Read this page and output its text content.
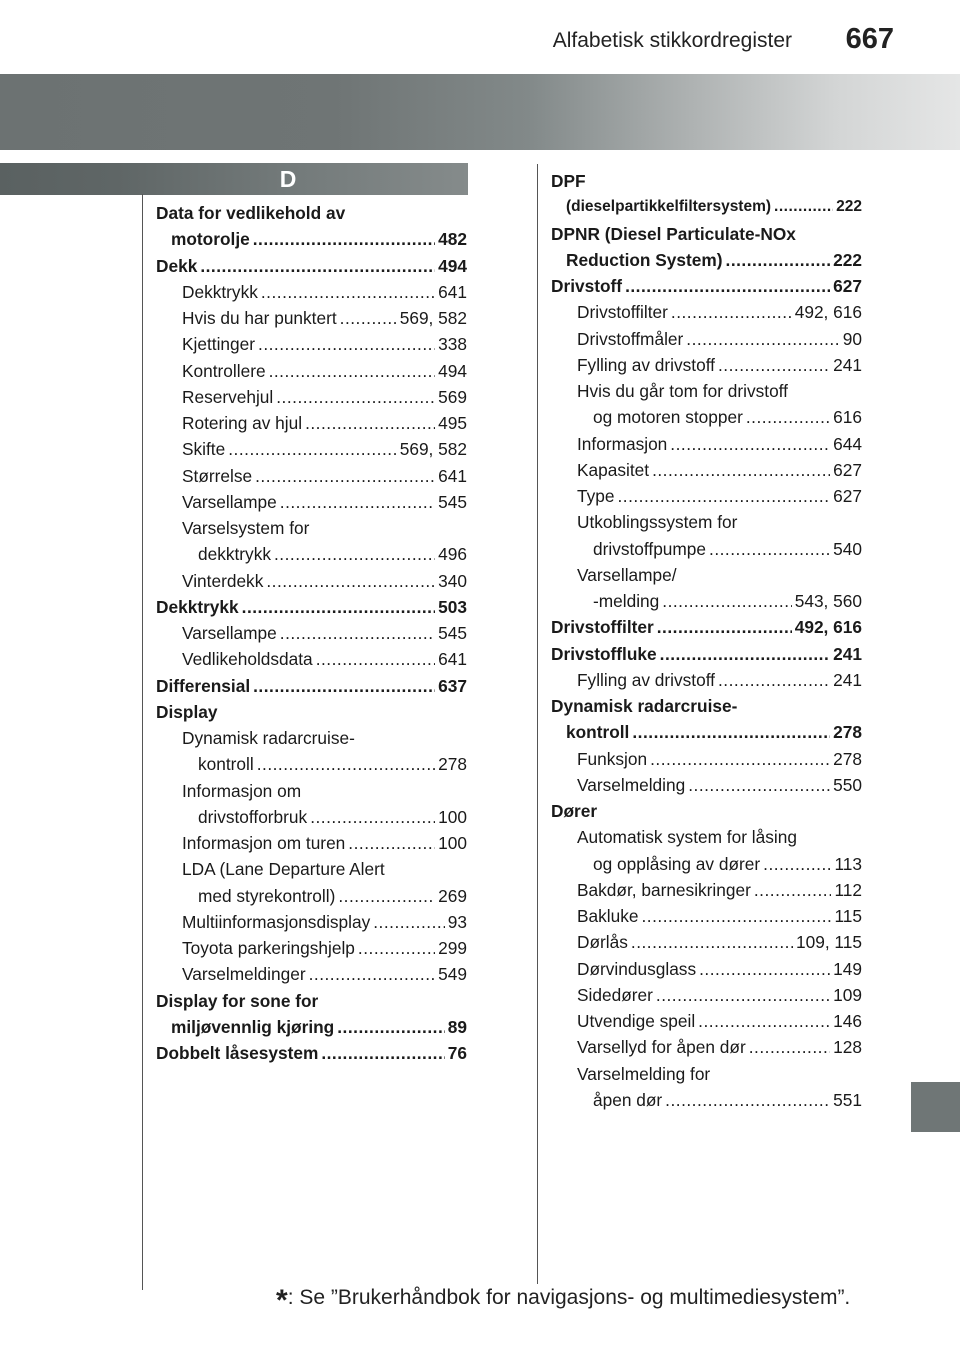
Alfabetisk stikkordregister 667
D
Data for vedlikehold av
motorolje .....	482
Dekk .....	494
Dekktrykk .....	641
Hvis du har punktert .....	569, 582
Kjettinger .....	338
Kontrollere .....	494
Reservehjul .....	569
Rotering av hjul .....	495
Skifte .....	569, 582
Størrelse .....	641
Varsellampe .....	545
Varselsystem for
dekktrykk .....	496
Vinterdekk .....	340
Dekktrykk .....	503
Varsellampe .....	545
Vedlikeholdsdata .....	641
Differensial .....	637
Display
Dynamisk radarcruise-
kontroll .....	278
Informasjon om
drivstofforbruk .....	100
Informasjon om turen .....	100
LDA (Lane Departure Alert
med styrekontroll) .....	269
Multiinformasjonsdisplay .....	93
Toyota parkeringshjelp .....	299
Varselmeldinger .....	549
Display for sone for
miljøvennlig kjøring .....	89
Dobbelt låsesystem .....	76
DPF
(dieselpartikkelfiltersystem) .....	222
DPNR (Diesel Particulate-NOx
Reduction System) .....	222
Drivstoff .....	627
Drivstoffilter .....	492, 616
Drivstoffmåler .....	90
Fylling av drivstoff .....	241
Hvis du går tom for drivstoff
og motoren stopper .....	616
Informasjon .....	644
Kapasitet .....	627
Type .....	627
Utkoblingssystem for
drivstoffpumpe .....	540
Varsellampe/
-melding .....	543, 560
Drivstoffilter .....	492, 616
Drivstoffluke .....	241
Fylling av drivstoff .....	241
Dynamisk radarcruise-
kontroll .....	278
Funksjon .....	278
Varselmelding .....	550
Dører
Automatisk system for låsing
og opplåsing av dører .....	113
Bakdør, barnesikringer .....	112
Bakluke .....	115
Dørlås .....	109, 115
Dørvindusglass .....	149
Sidedører .....	109
Utvendige speil .....	146
Varsellyd for åpen dør .....	128
Varselmelding for
åpen dør .....	551
*: Se ”Brukerhåndbok for navigasjons- og multimediesystem”.
